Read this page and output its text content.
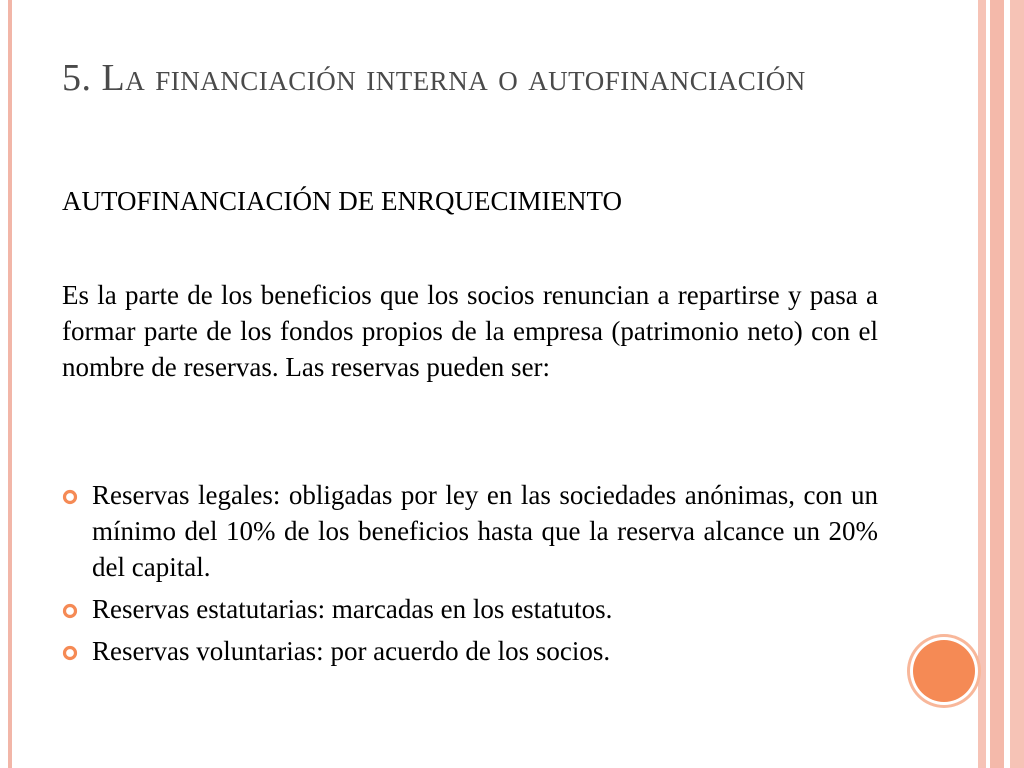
5. La financiación interna o autofinanciación
AUTOFINANCIACIÓN DE ENRQUECIMIENTO
Es la parte de los beneficios que los socios renuncian a repartirse y pasa a formar parte de los fondos propios de la empresa (patrimonio neto) con el nombre de reservas. Las reservas pueden ser:
Reservas legales: obligadas por ley en las sociedades anónimas, con un mínimo del 10% de los beneficios hasta que la reserva alcance un 20% del capital.
Reservas estatutarias: marcadas en los estatutos.
Reservas voluntarias: por acuerdo de los socios.
